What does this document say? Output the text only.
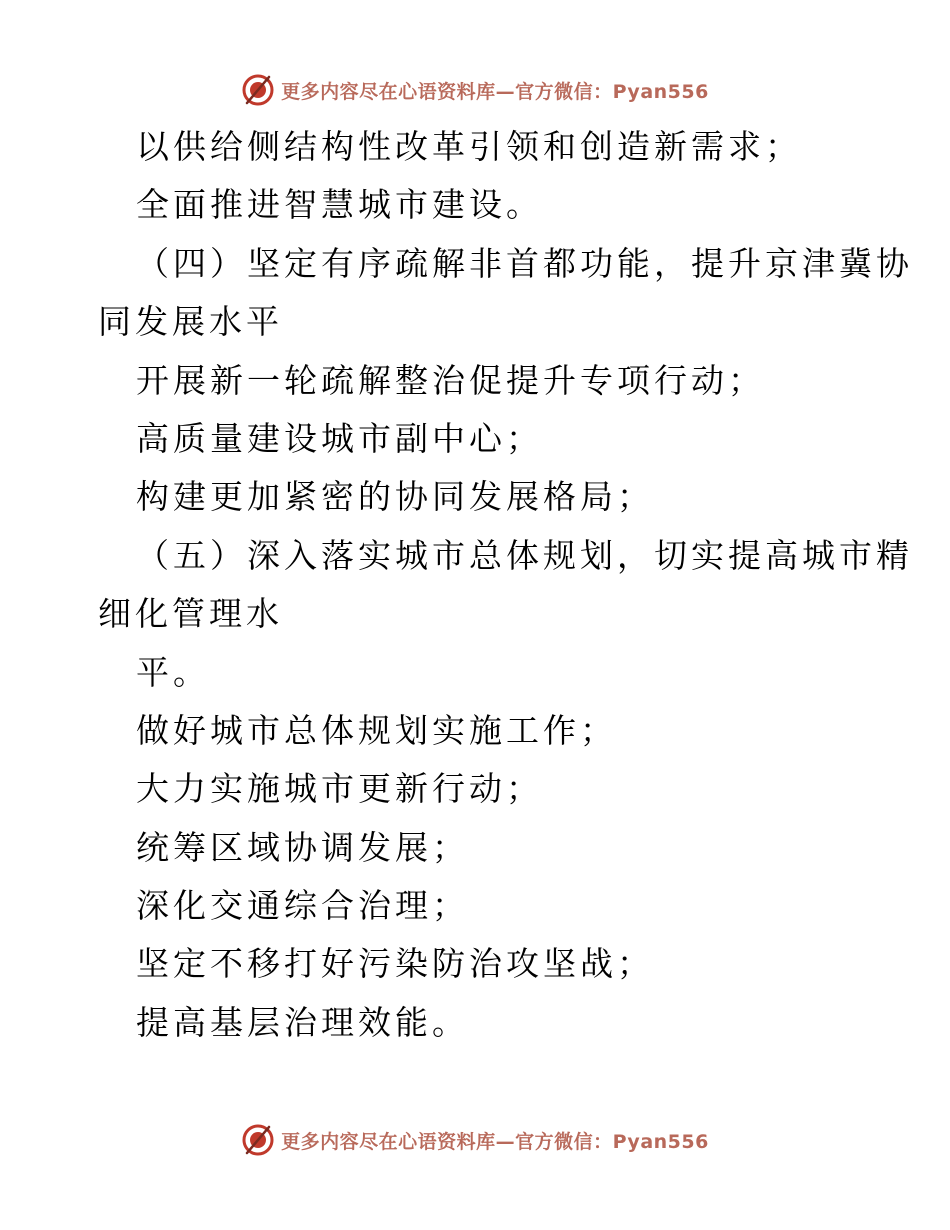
更多内容尽在心语资料库—官方微信：Pyan556
以供给侧结构性改革引领和创造新需求；
全面推进智慧城市建设。
（四）坚定有序疏解非首都功能，提升京津冀协
同发展水平
开展新一轮疏解整治促提升专项行动；
高质量建设城市副中心；
构建更加紧密的协同发展格局；
（五）深入落实城市总体规划，切实提高城市精
细化管理水
平。
做好城市总体规划实施工作；
大力实施城市更新行动；
统筹区域协调发展；
深化交通综合治理；
坚定不移打好污染防治攻坚战；
提高基层治理效能。
更多内容尽在心语资料库—官方微信：Pyan556
